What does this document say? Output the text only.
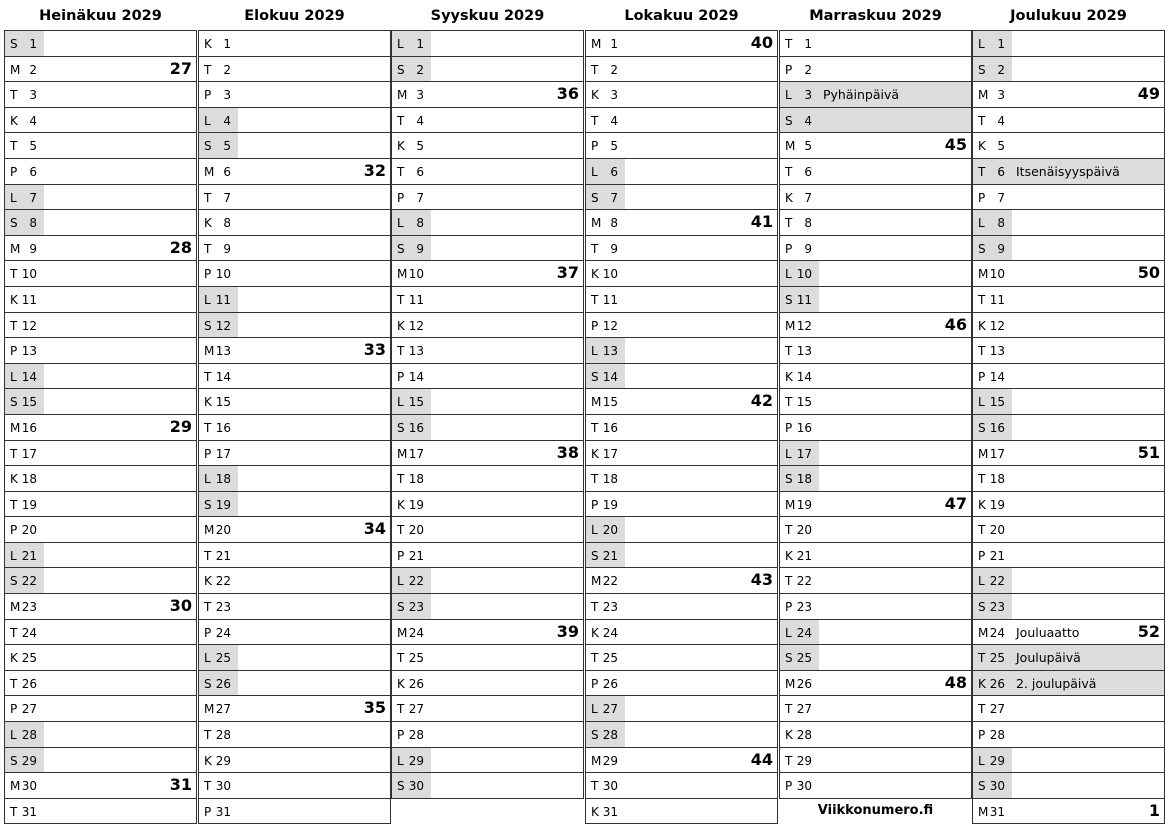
Heinäkuu 2029
S 1
M 2	27
T	3
K 4
T	5
P	6
L	7
S 8
M 9	28
T 10
K 11
T 12
P 13
L 14
S 15
M 16	29
T 17
K 18
T 19
P 20
L 21
S 22
M 23	30
T 24
K 25
T 26
P 27
L 28
S 29
M 30	31
T 31
Elokuu 2029
K 1
T	2
P	3
L	4
S 5
M 6	32
T	7
K 8
T	9
P 10
L 11
S 12
M 13	33
T 14
K 15
T 16
P 17
L 18
S 19
M 20	34
T 21
K 22
T 23
P 24
L 25
S 26
M 27	35
T 28
K 29
T 30
P 31
Syyskuu 2029
L	1
S 2
M 3	36
T	4
K 5
T	6
P	7
L	8
S 9
M 10	37
T 11
K 12
T 13
P 14
L 15
S 16
M 17	38
T 18
K 19
T 20
P 21
L 22
S 23
M 24	39
T 25
K 26
T 27
P 28
L 29
S 30
Lokakuu 2029
M 1	40
T	2
K 3
T	4
P	5
L	6
S 7
M 8	41
T	9
K 10
T 11
P 12
L 13
S 14
M 15	42
T 16
K 17
T 18
P 19
L 20
S 21
M 22	43
T 23
K 24
T 25
P 26
L 27
S 28
M 29	44
T 30
K 31
Marraskuu 2029
T	1
P	2
L	3 Pyhäinpäivä
S 4
M 5	45
T	6
K 7
T	8
P	9
L 10
S 11
M 12	46
T 13
K 14
T 15
P 16
L 17
S 18
M 19	47
T 20
K 21
T 22
P 23
L 24
S 25
M 26	48
T 27
K 28
T 29
P 30
Joulukuu 2029
L	1
S 2
M 3	49
T	4
K 5
T	6 Itsenäisyyspäivä
P	7
L	8
S 9
M 10	50
T 11
K 12
T 13
P 14
L 15
S 16
M 17	51
T 18
K 19
T 20
P 21
L 22
S 23
M 24 Jouluaatto	52
T 25 Joulupäivä
K 26 2. joulupäivä
T 27
P 28
L 29
S 30
M 31	1
Viikkonumero.fi
